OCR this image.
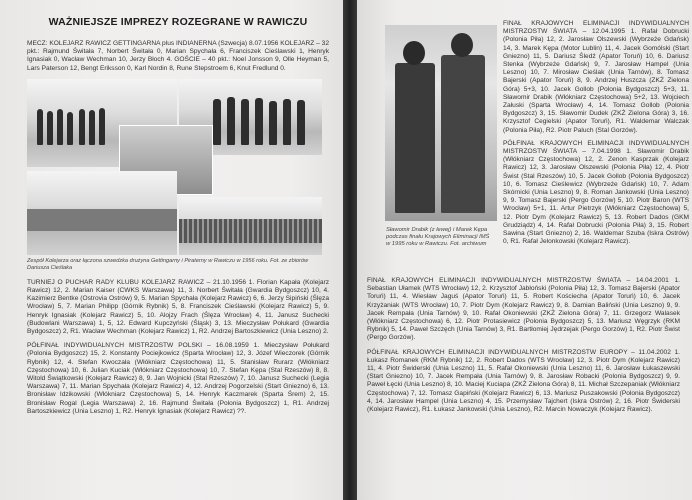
WAŻNIEJSZE IMPREZY ROZEGRANE W RAWICZU

MECZ: KOLEJARZ RAWICZ GETTINGARNA plus INDIANERNA (Szwecja) 8.07.1956 KOLEJARZ – 32 pkt.: Rajmund Świtała 7, Norbert Świtała 0, Marian Spychała 6, Franciszek Cieślawski 1, Henryk Ignasiak 0, Wacław Wechman 10, Jerzy Błoch 4. GOŚCIE – 40 pkt.: Noel Jonsson 9, Olle Heyman 5, Lars Paterson 12, Bengt Eriksson 0, Karl Nordin 8, Rune Stepstroem 6, Knut Fredlund 0.

Zespół Kolejarza oraz łączona szwedzka drużyna Gettingarny i Piraterny w Rawiczu w 1956 roku. Fot. ze zbiorów Dariusza Cieślaka

TURNIEJ O PUCHAR RADY KLUBU KOLEJARZ RAWICZ – 21.10.1956 1. Florian Kapała (Kolejarz Rawicz) 12, 2. Marian Kaiser (CWKS Warszawa) 11, 3. Norbert Świtała (Gwardia Bydgoszcz) 10, 4. Kazimierz Bentke (Ostrovia Ostrów) 9, 5. Marian Spychała (Kolejarz Rawicz) 6, 6. Jerzy Sipiński (Ślęza Wrocław) 5, 7. Marian Philipp (Górnik Rybnik) 5, 8. Franciszek Cieślawski (Kolejarz Rawicz) 5, 9. Henryk Ignasiak (Kolejarz Rawicz) 5, 10. Alojzy Frach (Ślęza Wrocław) 4, 11. Janusz Suchecki (Budowlani Warszawa) 1, 5, 12. Edward Kupczyński (Śląsk) 3, 13. Mieczysław Połukard (Gwardia Bydgoszcz) 2, R1. Wacław Wechman (Kolejarz Rawicz) 1, R2. Andrzej Bartoszkiewicz (Unia Leszno) 2.

PÓŁFINAŁ INDYWIDUALNYCH MISTRZOSTW POLSKI – 16.08.1959 1. Mieczysław Połukard (Polonia Bydgoszcz) 15, 2. Konstanty Pociejkowicz (Sparta Wrocław) 12, 3. Józef Wieczorek (Górnik Rybnik) 12, 4. Stefan Kwoczała (Włókniarz Częstochowa) 11, 5. Stanisław Rurarz (Włókniarz Częstochowa) 10, 6. Julian Kuciak (Włókniarz Częstochowa) 10, 7. Stefan Kępa (Stal Rzeszów) 8, 8. Witold Świątkowski (Kolejarz Rawicz) 8, 9. Jan Wojnicki (Stal Rzeszów) 7, 10. Janusz Suchecki (Legia Warszawa) 7, 11. Marian Spychała (Kolejarz Rawicz) 4, 12. Andrzej Pogorzelski (Start Gniezno) 6, 13. Bronisław Idzikowski (Włókniarz Częstochowa) 5, 14. Henryk Kaczmarek (Sparta Śrem) 2, 15. Bronisław Rogal (Legia Warszawa) 2, 16. Rajmund Świtała (Polonia Bydgoszcz) 1, R1. Andrzej Bartoszkiewicz (Unia Leszno) 1, R2. Henryk Ignasiak (Kolejarz Rawicz) ??.

Sławomir Drabik (z lewej) i Marek Kępa podczas finału Krajowych Eliminacji IMŚ w 1995 roku w Rawiczu. Fot. archiwum

FINAŁ KRAJOWYCH ELIMINACJI INDYWIDUALNYCH MISTRZOSTW ŚWIATA – 12.04.1995 1. Rafał Dobrucki (Polonia Piła) 12, 2. Jarosław Olszewski (Wybrzeże Gdańsk) 14, 3. Marek Kępa (Motor Lublin) 11, 4. Jacek Gomólski (Start Gniezno) 11, 5. Dariusz Śledź (Apator Toruń) 10, 6. Dariusz Stenka (Wybrzeże Gdańsk) 9, 7. Jarosław Hampel (Unia Leszno) 10, 7. Mirosław Cieślak (Unia Tarnów), 8. Tomasz Bajerski (Apator Toruń) 8, 9. Andrzej Huszcza (ZKŻ Zielona Góra) 5+3, 10. Jacek Gollob (Polonia Bydgoszcz) 5+3, 11. Sławomir Drabik (Włókniarz Częstochowa) 5+2, 13. Wojciech Załuski (Sparta Wrocław) 4, 14. Tomasz Gollob (Polonia Bydgoszcz) 3, 15. Sławomir Dudek (ZKŻ Zielona Góra) 3, 16. Krzysztof Cegielski (Apator Toruń), R1. Waldemar Walczak (Polonia Piła), R2. Piotr Paluch (Stal Gorzów).

PÓŁFINAŁ KRAJOWYCH ELIMINACJI INDYWIDUALNYCH MISTRZOSTW ŚWIATA – 7.04.1998 1. Sławomir Drabik (Włókniarz Częstochowa) 12, 2. Zenon Kasprzak (Kolejarz Rawicz) 12, 3. Jarosław Olszewski (Polonia Piła) 12, 4. Piotr Świst (Stal Rzeszów) 10, 5. Jacek Gollob (Polonia Bydgoszcz) 10, 6. Tomasz Cieślewicz (Wybrzeże Gdańsk) 10, 7. Adam Skórnicki (Unia Leszno) 9, 8. Roman Jankowski (Unia Leszno) 9, 9. Tomasz Bajerski (Pergo Gorzów) 5, 10. Piotr Baron (WTS Wrocław) 5+1, 11. Artur Pietrzyk (Włókniarz Częstochowa) 5, 12. Piotr Dym (Kolejarz Rawicz) 5, 13. Robert Dados (GKM Grudziądz) 4, 14. Rafał Dobrucki (Polonia Piła) 3, 15. Robert Sawina (Start Gniezno) 2, 16. Waldemar Szuba (Iskra Ostrów) 0, R1. Rafał Jelonkowski (Kolejarz Rawicz).

FINAŁ KRAJOWYCH ELIMINACJI INDYWIDUALNYCH MISTRZOSTW ŚWIATA – 14.04.2001 1. Sebastian Ułamek (WTS Wrocław) 12, 2. Krzysztof Jabłoński (Polonia Piła) 12, 3. Tomasz Bajerski (Apator Toruń) 11, 4. Wiesław Jaguś (Apator Toruń) 11, 5. Robert Kościecha (Apator Toruń) 10, 6. Jacek Krzyżaniak (WTS Wrocław) 10, 7. Piotr Dym (Kolejarz Rawicz) 9, 8. Damian Baliński (Unia Leszno) 9, 9. Jacek Rempała (Unia Tarnów) 9, 10. Rafał Okoniewski (ZKŻ Zielona Góra) 7, 11. Grzegorz Walasek (Włókniarz Częstochowa) 6, 12. Piotr Protasiewicz (Polonia Bydgoszcz) 5, 13. Mariusz Węgrzyk (RKM Rybnik) 5, 14. Paweł Szczęch (Unia Tarnów) 3, R1. Bartłomiej Jędrzejak (Pergo Gorzów) 1, R2. Piotr Świst (Pergo Gorzów).

PÓŁFINAŁ KRAJOWYCH ELIMINACJI INDYWIDUALNYCH MISTRZOSTW EUROPY – 11.04.2002 1. Łukasz Romanek (RKM Rybnik) 12, 2. Robert Dados (WTS Wrocław) 12, 3. Piotr Dym (Kolejarz Rawicz) 11, 4. Piotr Świderski (Unia Leszno) 11, 5. Rafał Okoniewski (Unia Leszno) 11, 6. Jarosław Łukaszewski (Start Gniezno) 10, 7. Jacek Rempała (Unia Tarnów) 9, 8. Jarosław Robacki (Polonia Bydgoszcz) 9, 9. Paweł Łęcki (Unia Leszno) 8, 10. Maciej Kuciapa (ZKŻ Zielona Góra) 8, 11. Michał Szczepaniak (Włókniarz Częstochowa) 7, 12. Tomasz Gapiński (Kolejarz Rawicz) 6, 13. Mariusz Puszakowski (Polonia Bydgoszcz) 4, 14. Jarosław Hampel (Unia Leszno) 4, 15. Przemysław Tajchert (Iskra Ostrów) 2, 16. Piotr Świderski (Kolejarz Rawicz), R1. Łukasz Jankowski (Unia Leszno), R2. Marcin Nowaczyk (Kolejarz Rawicz).
